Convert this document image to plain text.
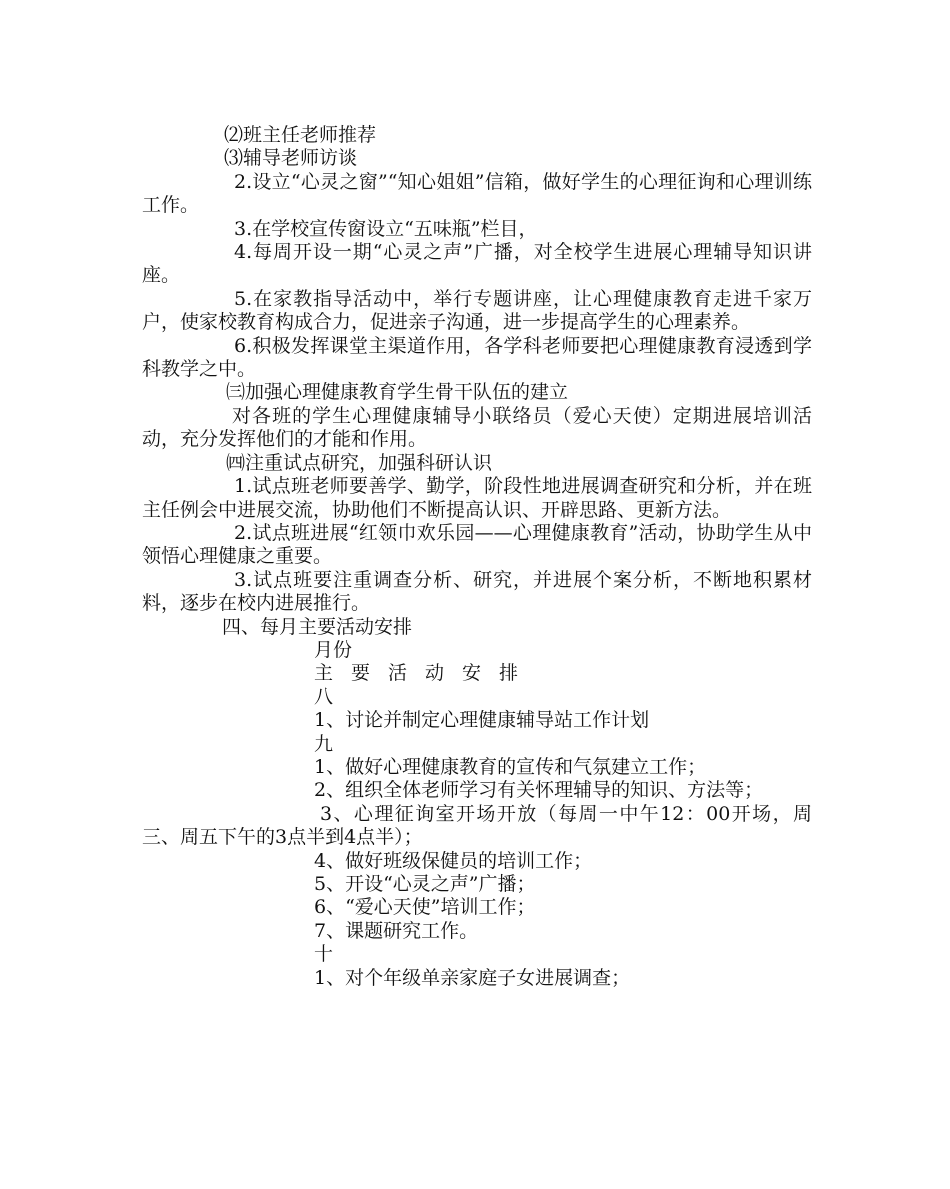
⑵班主任老师推荐

⑶辅导老师访谈

2.设立“心灵之窗”“知心姐姐”信箱，做好学生的心理征询和心理训练工作。

3.在学校宣传窗设立“五味瓶”栏目，

4.每周开设一期“心灵之声”广播，对全校学生进展心理辅导知识讲座。

5.在家教指导活动中，举行专题讲座，让心理健康教育走进千家万户，使家校教育构成合力，促进亲子沟通，进一步提高学生的心理素养。

6.积极发挥课堂主渠道作用，各学科老师要把心理健康教育浸透到学科教学之中。

㈢加强心理健康教育学生骨干队伍的建立

对各班的学生心理健康辅导小联络员（爱心天使）定期进展培训活动，充分发挥他们的才能和作用。

㈣注重试点研究，加强科研认识

1.试点班老师要善学、勤学，阶段性地进展调查研究和分析，并在班主任例会中进展交流，协助他们不断提高认识、开辟思路、更新方法。

2.试点班进展“红领巾欢乐园——心理健康教育”活动，协助学生从中领悟心理健康之重要。

3.试点班要注重调查分析、研究，并进展个案分析，不断地积累材料，逐步在校内进展推行。

四、每月主要活动安排

月份

主要活动安排

八

1、讨论并制定心理健康辅导站工作计划

九

1、做好心理健康教育的宣传和气氛建立工作；

2、组织全体老师学习有关怀理辅导的知识、方法等；

3、心理征询室开场开放（每周一中午12：00开场，周三、周五下午的3点半到4点半）；

4、做好班级保健员的培训工作；

5、开设“心灵之声”广播；

6、“爱心天使”培训工作；

7、课题研究工作。

十

1、对个年级单亲家庭子女进展调查；
